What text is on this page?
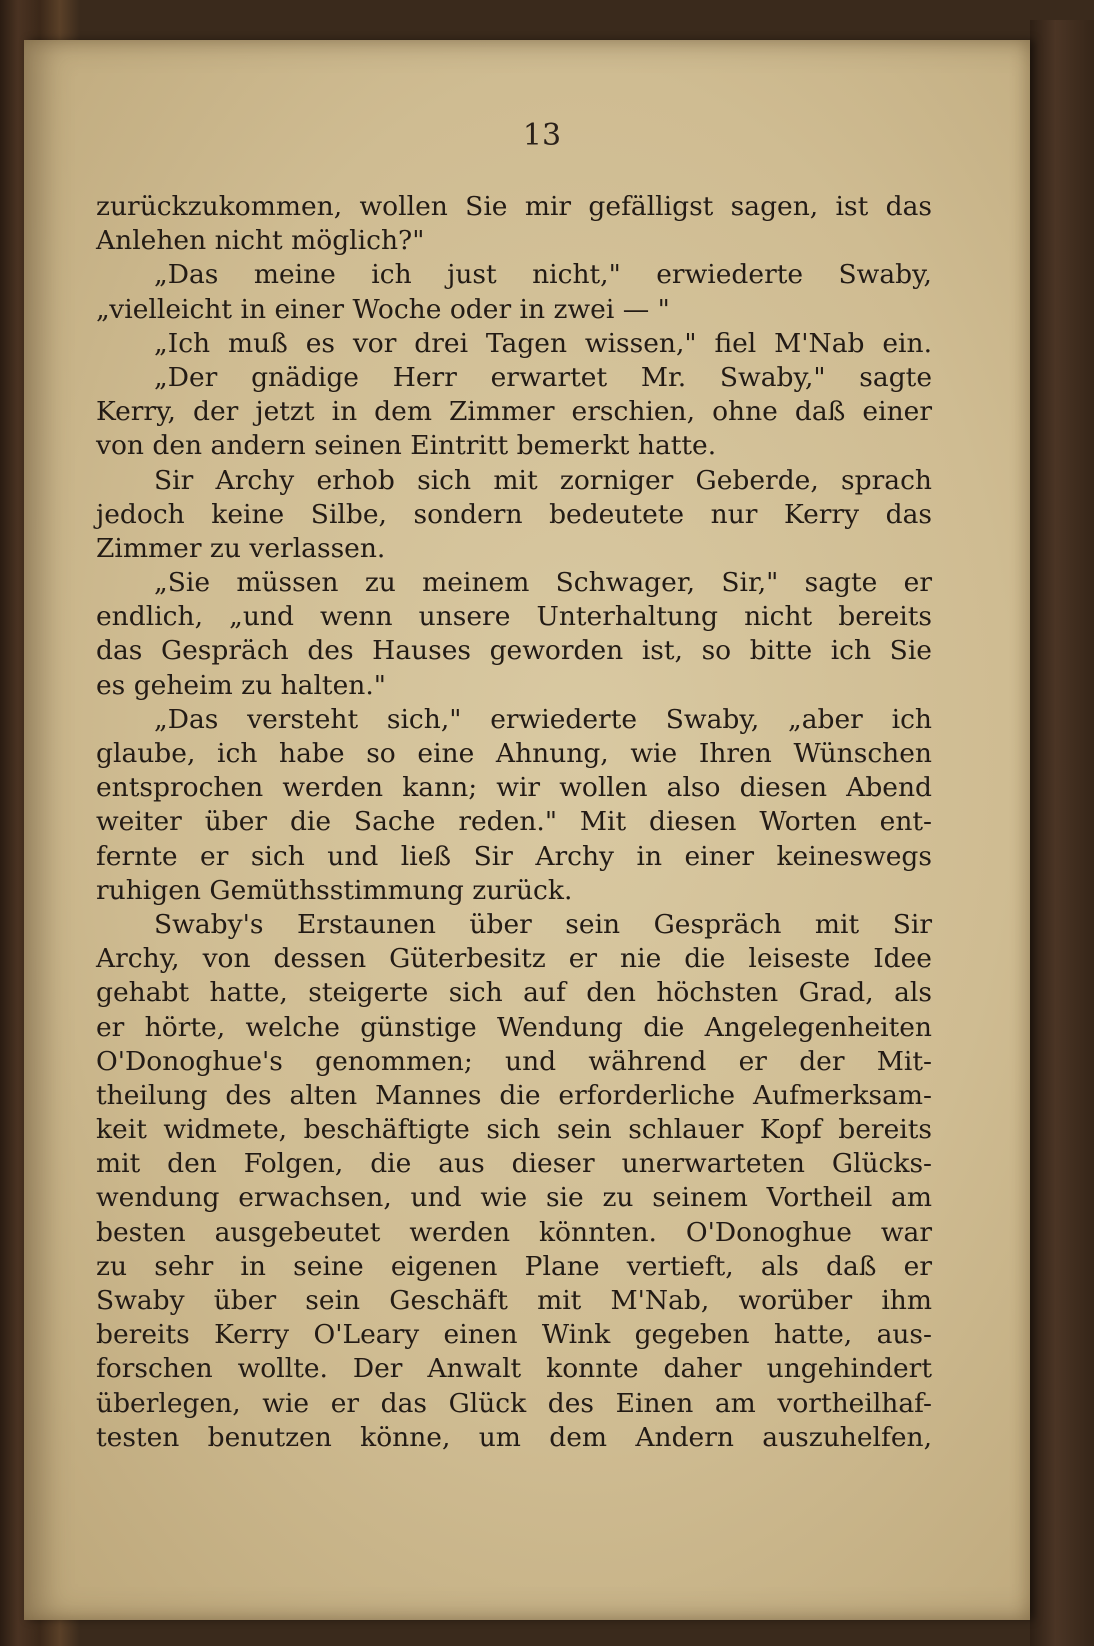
13
zurückzukommen, wollen Sie mir gefälligst sagen, ist das
Anlehen nicht möglich?"
„Das meine ich just nicht," erwiederte Swaby,
„vielleicht in einer Woche oder in zwei — "
„Ich muß es vor drei Tagen wissen," fiel M'Nab ein.
„Der gnädige Herr erwartet Mr. Swaby," sagte
Kerry, der jetzt in dem Zimmer erschien, ohne daß einer
von den andern seinen Eintritt bemerkt hatte.
Sir Archy erhob sich mit zorniger Geberde, sprach
jedoch keine Silbe, sondern bedeutete nur Kerry das
Zimmer zu verlassen.
„Sie müssen zu meinem Schwager, Sir," sagte er
endlich, „und wenn unsere Unterhaltung nicht bereits
das Gespräch des Hauses geworden ist, so bitte ich Sie
es geheim zu halten."
„Das versteht sich," erwiederte Swaby, „aber ich
glaube, ich habe so eine Ahnung, wie Ihren Wünschen
entsprochen werden kann; wir wollen also diesen Abend
weiter über die Sache reden." Mit diesen Worten ent-
fernte er sich und ließ Sir Archy in einer keineswegs
ruhigen Gemüthsstimmung zurück.
Swaby's Erstaunen über sein Gespräch mit Sir
Archy, von dessen Güterbesitz er nie die leiseste Idee
gehabt hatte, steigerte sich auf den höchsten Grad, als
er hörte, welche günstige Wendung die Angelegenheiten
O'Donoghue's genommen; und während er der Mit-
theilung des alten Mannes die erforderliche Aufmerksam-
keit widmete, beschäftigte sich sein schlauer Kopf bereits
mit den Folgen, die aus dieser unerwarteten Glücks-
wendung erwachsen, und wie sie zu seinem Vortheil am
besten ausgebeutet werden könnten. O'Donoghue war
zu sehr in seine eigenen Plane vertieft, als daß er
Swaby über sein Geschäft mit M'Nab, worüber ihm
bereits Kerry O'Leary einen Wink gegeben hatte, aus-
forschen wollte. Der Anwalt konnte daher ungehindert
überlegen, wie er das Glück des Einen am vortheilhaf-
testen benutzen könne, um dem Andern auszuhelfen,
